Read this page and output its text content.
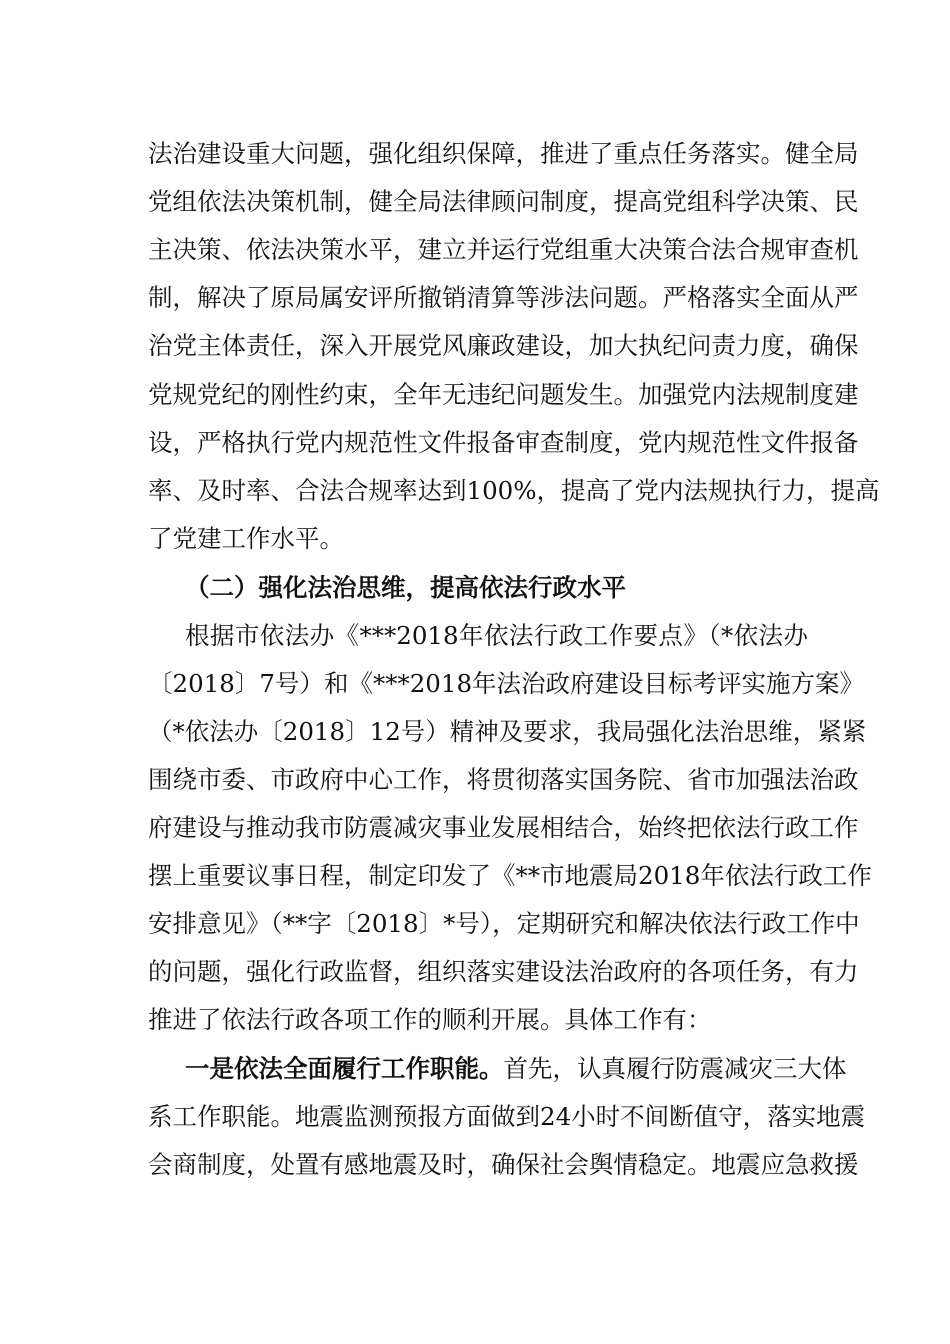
法治建设重大问题，强化组织保障，推进了重点任务落实。健全局
党组依法决策机制，健全局法律顾问制度，提高党组科学决策、民
主决策、依法决策水平，建立并运行党组重大决策合法合规审查机
制，解决了原局属安评所撤销清算等涉法问题。严格落实全面从严
治党主体责任，深入开展党风廉政建设，加大执纪问责力度，确保
党规党纪的刚性约束，全年无违纪问题发生。加强党内法规制度建
设，严格执行党内规范性文件报备审查制度，党内规范性文件报备
率、及时率、合法合规率达到100%，提高了党内法规执行力，提高
了党建工作水平。
（二）强化法治思维，提高依法行政水平
根据市依法办《***2018年依法行政工作要点》（*依法办
〔2018〕7号）和《***2018年法治政府建设目标考评实施方案》
（*依法办〔2018〕12号）精神及要求，我局强化法治思维，紧紧
围绕市委、市政府中心工作，将贯彻落实国务院、省市加强法治政
府建设与推动我市防震减灾事业发展相结合，始终把依法行政工作
摆上重要议事日程，制定印发了《**市地震局2018年依法行政工作
安排意见》（**字〔2018〕*号），定期研究和解决依法行政工作中
的问题，强化行政监督，组织落实建设法治政府的各项任务，有力
推进了依法行政各项工作的顺利开展。具体工作有：
一是依法全面履行工作职能。首先，认真履行防震减灾三大体
系工作职能。地震监测预报方面做到24小时不间断值守，落实地震
会商制度，处置有感地震及时，确保社会舆情稳定。地震应急救援
